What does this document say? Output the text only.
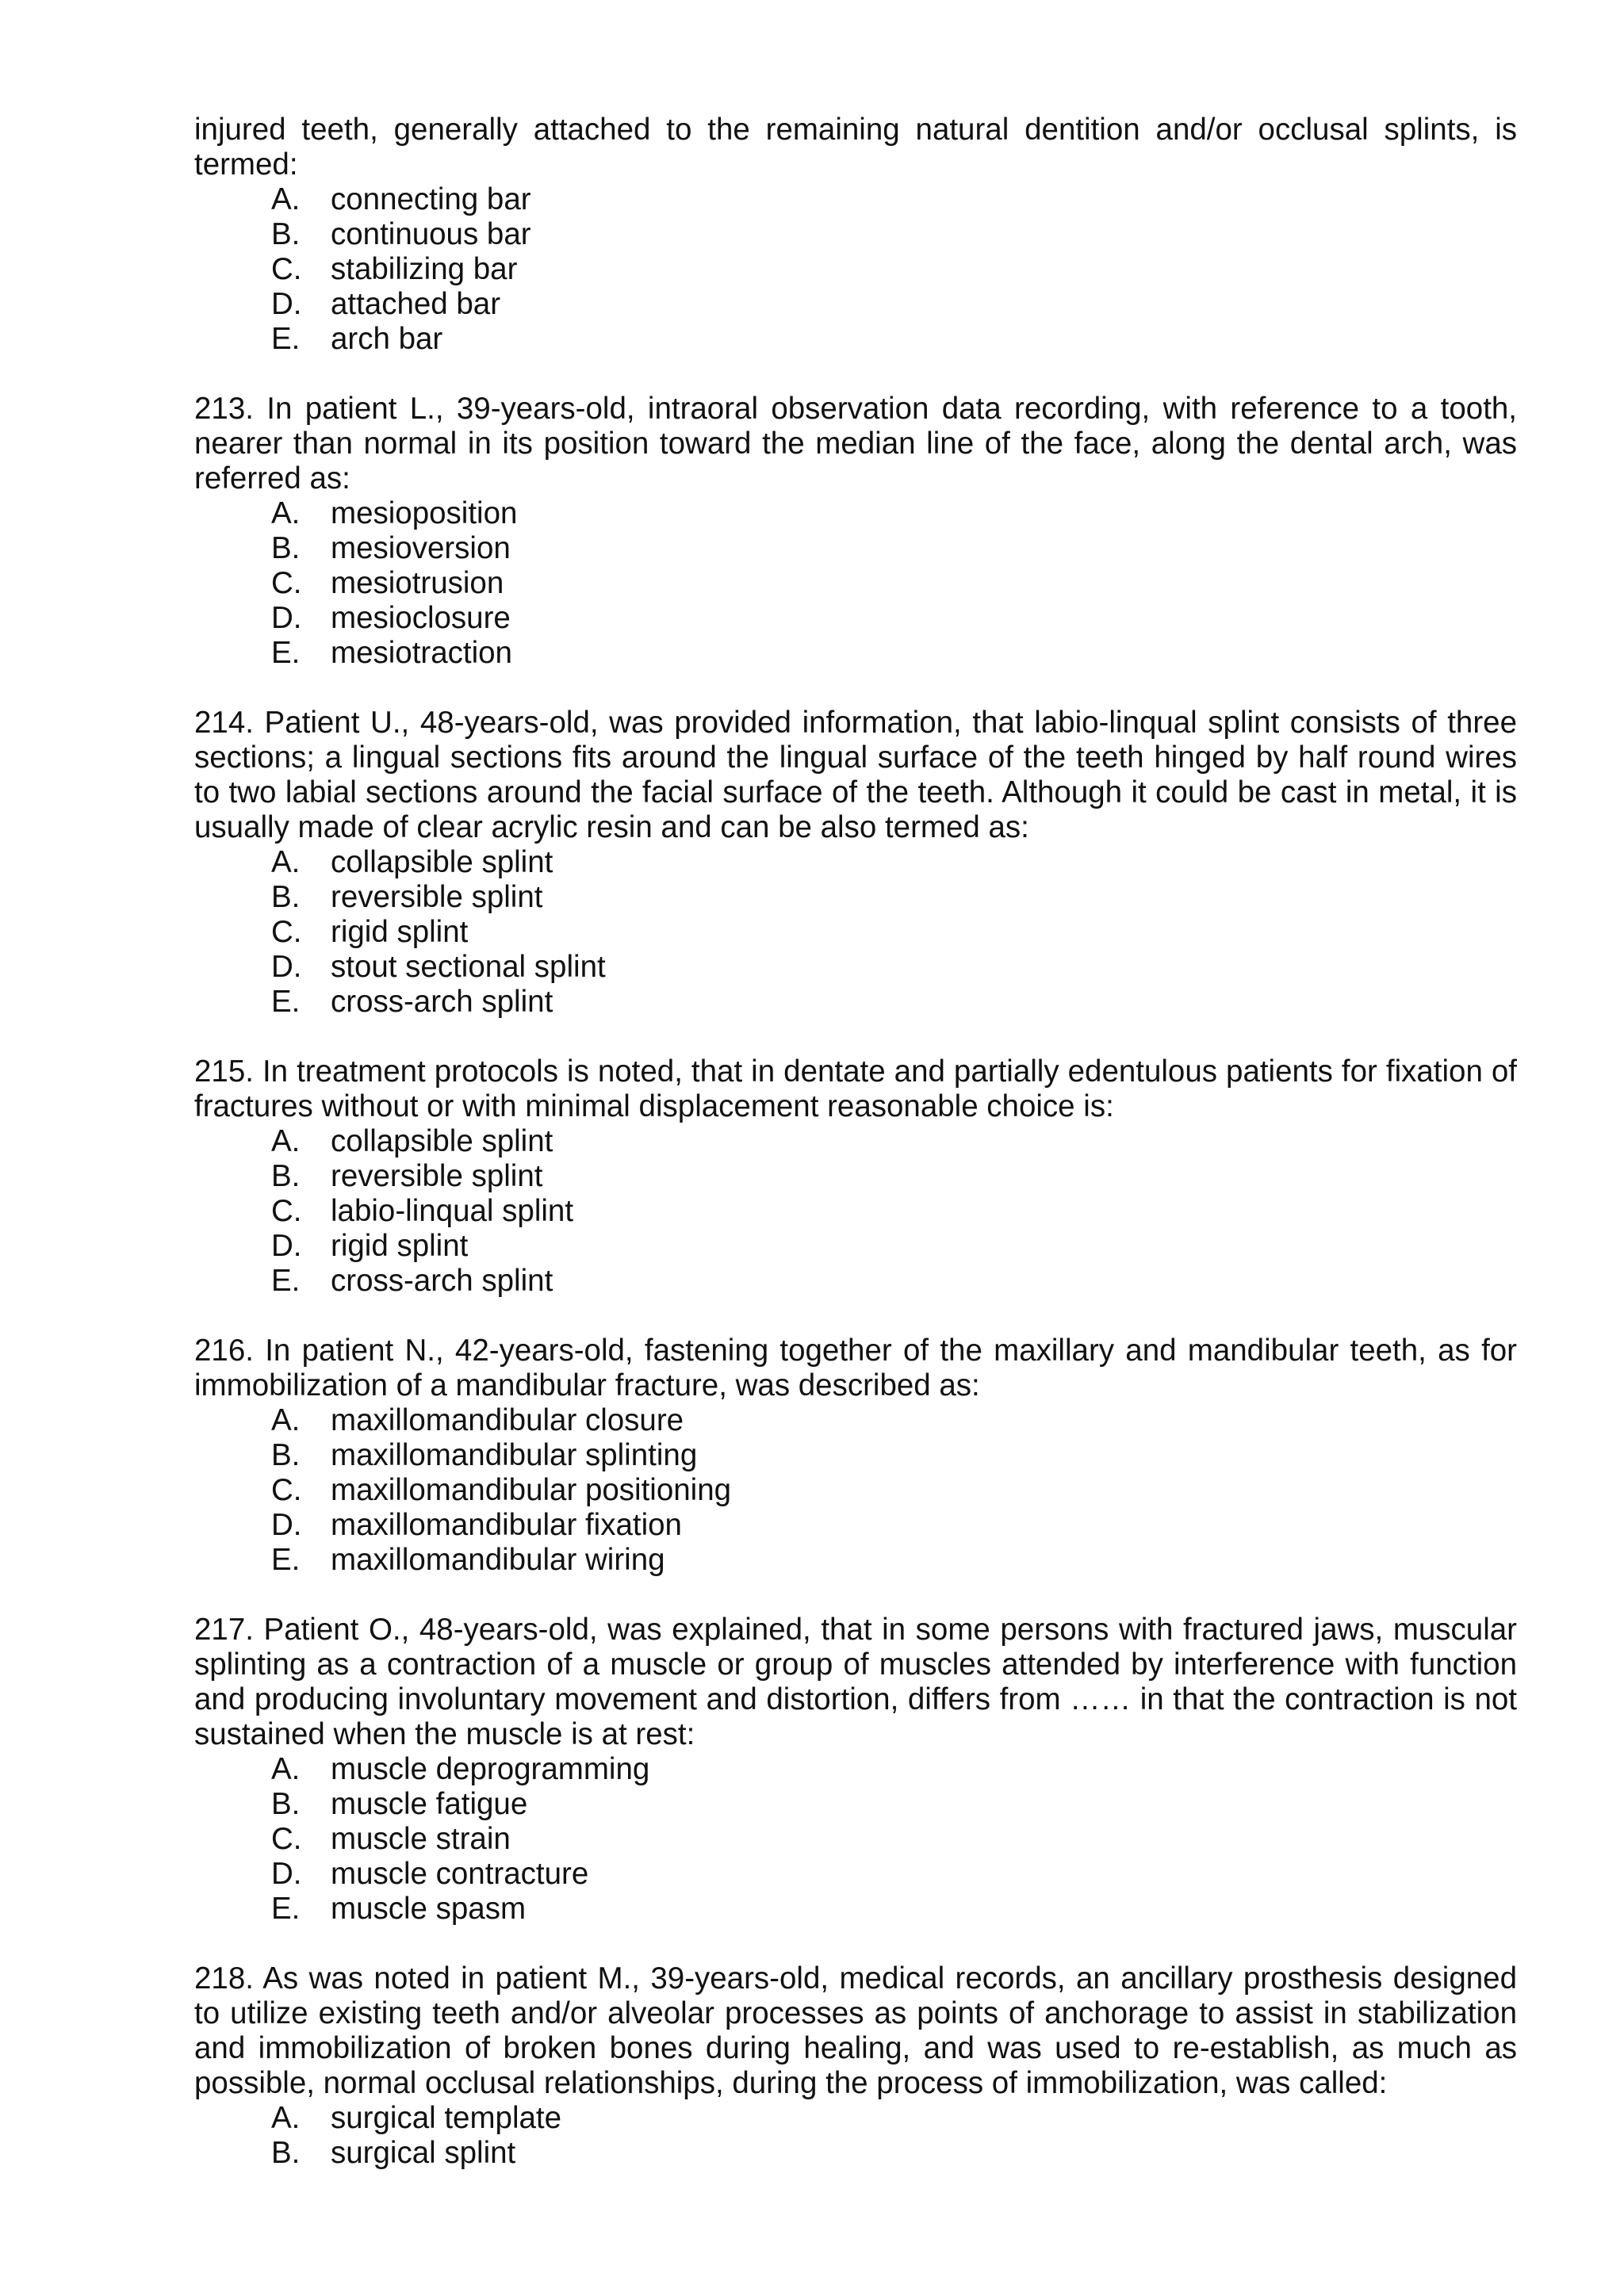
injured teeth, generally attached to the remaining natural dentition and/or occlusal splints, is termed:

A.	connecting bar
B.	continuous bar
C. stabilizing bar
D. attached bar
E.	arch bar

213. In patient L., 39-years-old, intraoral observation data recording, with reference to a tooth, nearer than normal in its position toward the median line of the face, along the dental arch, was referred as:

A.	mesioposition
B.	mesioversion
C. mesiotrusion
D. mesioclosure
E.	mesiotraction

214. Patient U., 48-years-old, was provided information, that labio-linqual splint consists of three sections; a lingual sections fits around the lingual surface of the teeth hinged by half round wires to two labial sections around the facial surface of the teeth. Although it could be cast in metal, it is usually made of clear acrylic resin and can be also termed as:

A.	collapsible splint
B.	reversible splint
C. rigid splint
D. stout sectional splint
E.	cross-arch splint

215. In treatment protocols is noted, that in dentate and partially edentulous patients for fixation of fractures without or with minimal displacement reasonable choice is:

A.	collapsible splint
B.	reversible splint
C. labio-linqual splint
D. rigid splint
E.	cross-arch splint

216. In patient N., 42-years-old, fastening together of the maxillary and mandibular teeth, as for immobilization of a mandibular fracture, was described as:

A.	maxillomandibular closure
B.	maxillomandibular splinting
C. maxillomandibular positioning
D. maxillomandibular fixation
E.	maxillomandibular wiring

217. Patient O., 48-years-old, was explained, that in some persons with fractured jaws, muscular splinting as a contraction of a muscle or group of muscles attended by interference with function and producing involuntary movement and distortion, differs from …… in that the contraction is not sustained when the muscle is at rest:

A.	muscle deprogramming
B.	muscle fatigue
C. muscle strain
D. muscle contracture
E.	muscle spasm

218. As was noted in patient M., 39-years-old, medical records, an ancillary prosthesis designed to utilize existing teeth and/or alveolar processes as points of anchorage to assist in stabilization and immobilization of broken bones during healing, and was used to re-establish, as much as possible, normal occlusal relationships, during the process of immobilization, was called:

A.	surgical template
B.	surgical splint
